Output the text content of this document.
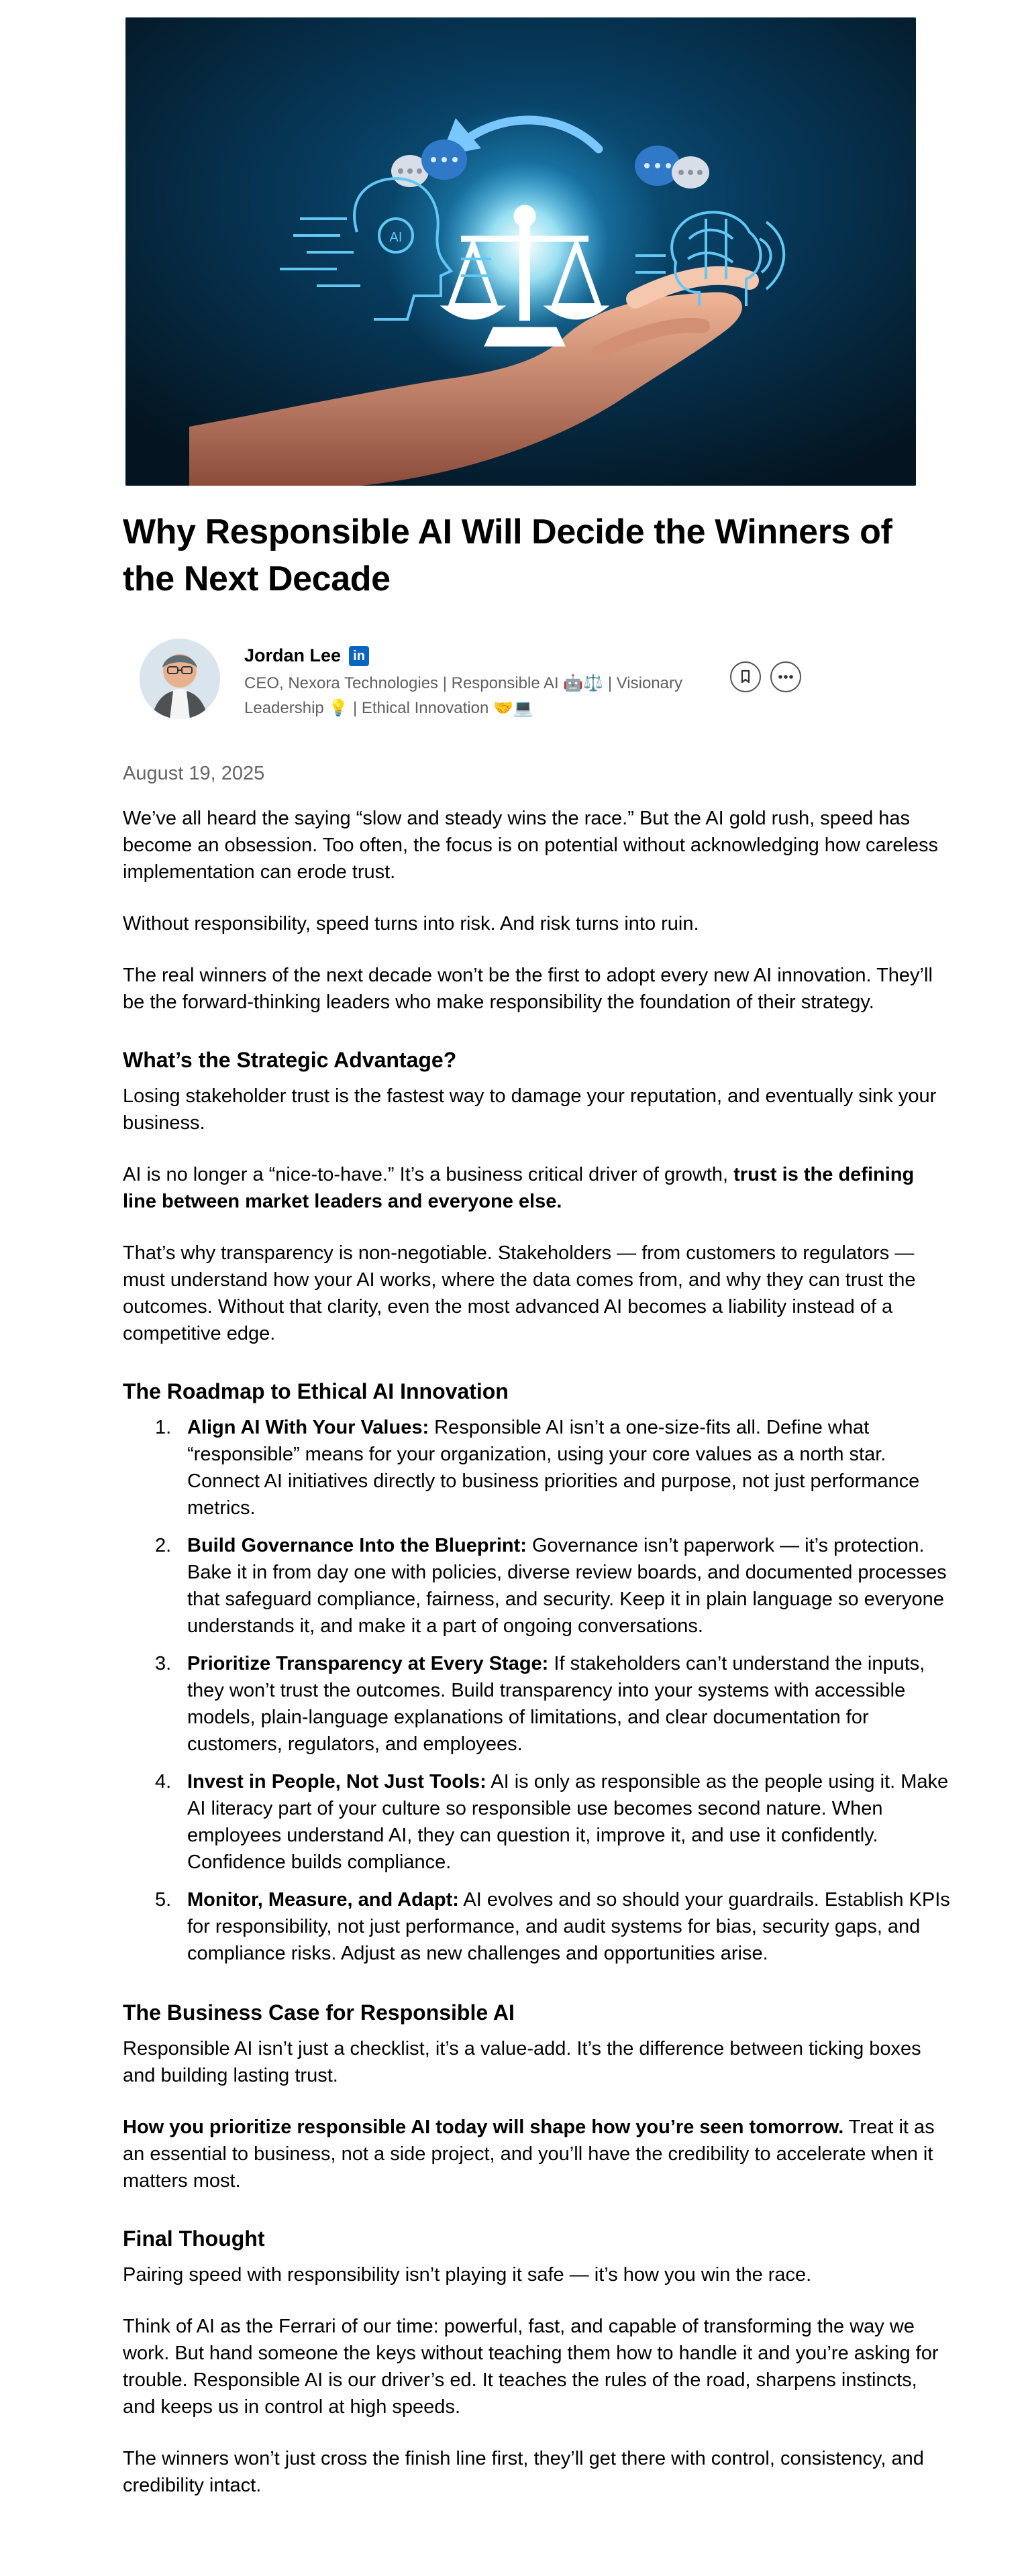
AI
Why Responsible AI Will Decide the Winners of the Next Decade
Jordan Lee in
CEO, Nexora Technologies | Responsible AI 🤖⚖️ | Visionary Leadership 💡 | Ethical Innovation 🤝💻
August 19, 2025

We’ve all heard the saying “slow and steady wins the race.” But the AI gold rush, speed has become an obsession. Too often, the focus is on potential without acknowledging how careless implementation can erode trust.

Without responsibility, speed turns into risk. And risk turns into ruin.

The real winners of the next decade won’t be the first to adopt every new AI innovation. They’ll be the forward-thinking leaders who make responsibility the foundation of their strategy.

What’s the Strategic Advantage?

Losing stakeholder trust is the fastest way to damage your reputation, and eventually sink your business.

AI is no longer a “nice-to-have.” It’s a business critical driver of growth, trust is the defining line between market leaders and everyone else.

That’s why transparency is non-negotiable. Stakeholders — from customers to regulators — must understand how your AI works, where the data comes from, and why they can trust the outcomes. Without that clarity, even the most advanced AI becomes a liability instead of a competitive edge.

The Roadmap to Ethical AI Innovation
1. Align AI With Your Values: Responsible AI isn’t a one-size-fits all. Define what “responsible” means for your organization, using your core values as a north star. Connect AI initiatives directly to business priorities and purpose, not just performance metrics.
2. Build Governance Into the Blueprint: Governance isn’t paperwork — it’s protection. Bake it in from day one with policies, diverse review boards, and documented processes that safeguard compliance, fairness, and security. Keep it in plain language so everyone understands it, and make it a part of ongoing conversations.
3. Prioritize Transparency at Every Stage: If stakeholders can’t understand the inputs, they won’t trust the outcomes. Build transparency into your systems with accessible models, plain-language explanations of limitations, and clear documentation for customers, regulators, and employees.
4. Invest in People, Not Just Tools: AI is only as responsible as the people using it. Make AI literacy part of your culture so responsible use becomes second nature. When employees understand AI, they can question it, improve it, and use it confidently. Confidence builds compliance.
5. Monitor, Measure, and Adapt: AI evolves and so should your guardrails. Establish KPIs for responsibility, not just performance, and audit systems for bias, security gaps, and compliance risks. Adjust as new challenges and opportunities arise.
The Business Case for Responsible AI

Responsible AI isn’t just a checklist, it’s a value-add. It’s the difference between ticking boxes and building lasting trust.

How you prioritize responsible AI today will shape how you’re seen tomorrow. Treat it as an essential to business, not a side project, and you’ll have the credibility to accelerate when it matters most.

Final Thought

Pairing speed with responsibility isn’t playing it safe — it’s how you win the race.

Think of AI as the Ferrari of our time: powerful, fast, and capable of transforming the way we work. But hand someone the keys without teaching them how to handle it and you’re asking for trouble. Responsible AI is our driver’s ed. It teaches the rules of the road, sharpens instincts, and keeps us in control at high speeds.

The winners won’t just cross the finish line first, they’ll get there with control, consistency, and credibility intact.
